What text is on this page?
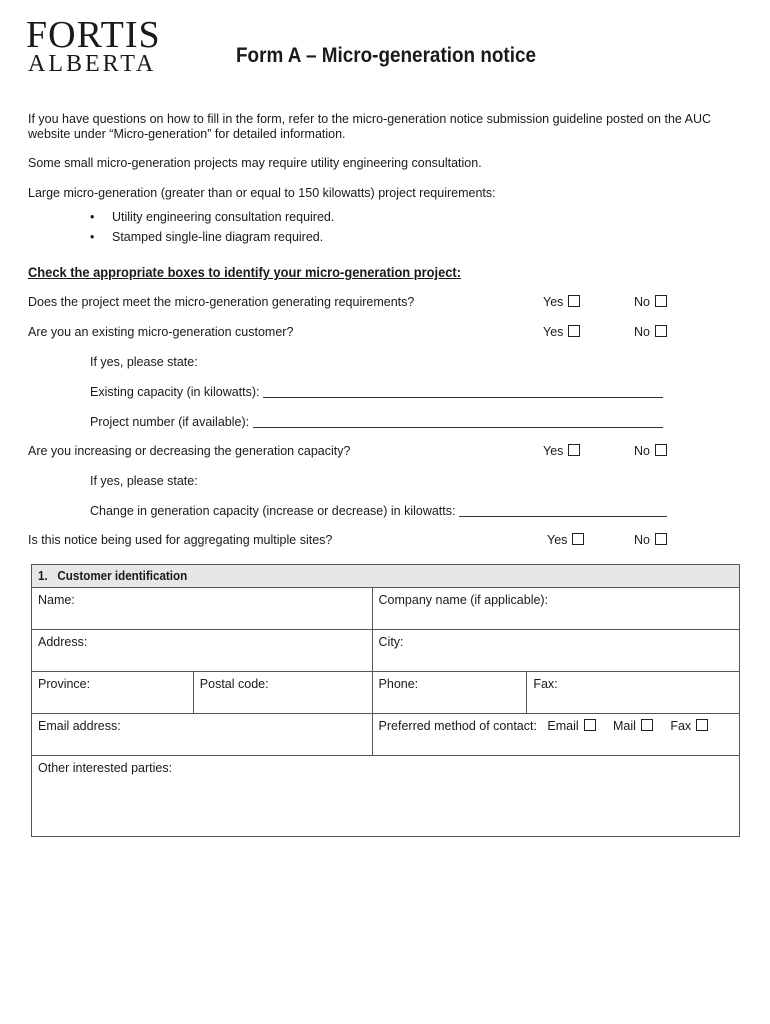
FORTIS
ALBERTA	Form A – Micro-generation notice
If you have questions on how to fill in the form, refer to the micro-generation notice submission guideline posted on the AUC website under “Micro-generation” for detailed information.
Some small micro-generation projects may require utility engineering consultation.
Large micro-generation (greater than or equal to 150 kilowatts) project requirements:
• Utility engineering consultation required.
• Stamped single-line diagram required.
Check the appropriate boxes to identify your micro-generation project:
Does the project meet the micro-generation generating requirements?	Yes	No
Are you an existing micro-generation customer?	Yes	No
If yes, please state:
Existing capacity (in kilowatts):
Project number (if available):
Are you increasing or decreasing the generation capacity?	Yes	No
If yes, please state:
Change in generation capacity (increase or decrease) in kilowatts:
Is this notice being used for aggregating multiple sites?	Yes	No
1. Customer identification			
Name:		Company name (if applicable):	
Address:		City:	
Province:	Postal code:	Phone:	Fax:
Email address:		Preferred method of contact: Email Mail Fax	
Other interested parties:			
